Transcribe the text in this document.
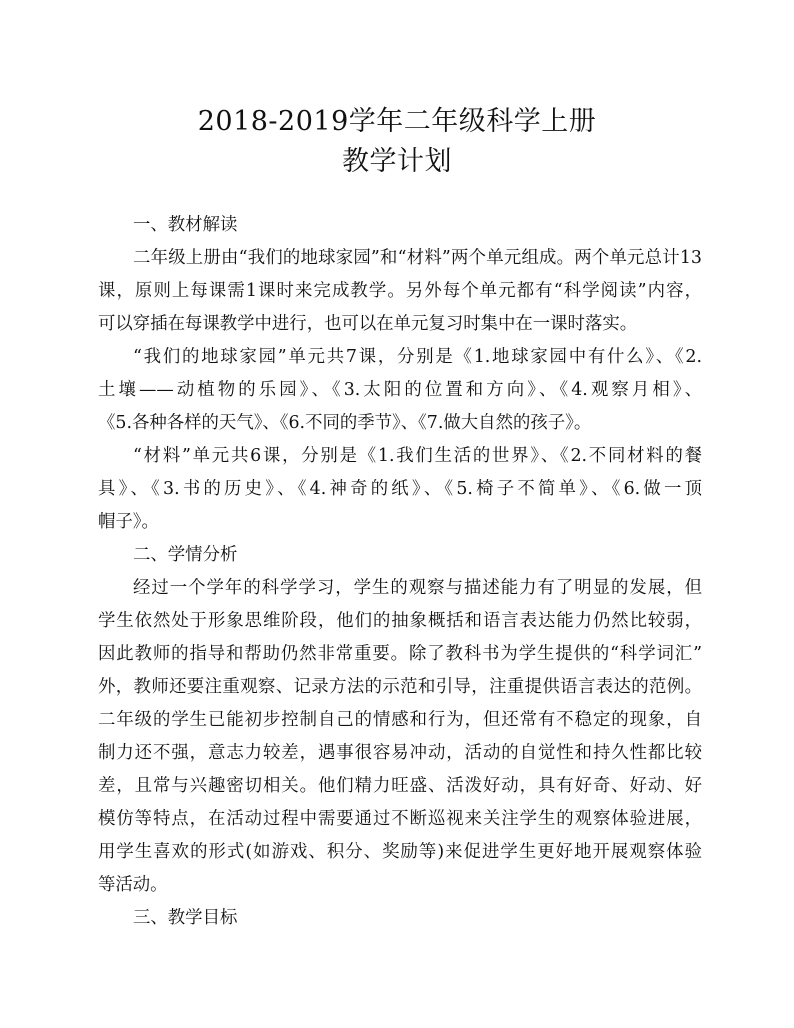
2018-2019学年二年级科学上册
教学计划
一、教材解读
二年级上册由“我们的地球家园”和“材料”两个单元组成。两个单元总计13
课，原则上每课需1课时来完成教学。另外每个单元都有“科学阅读”内容，
可以穿插在每课教学中进行，也可以在单元复习时集中在一课时落实。
“我们的地球家园”单元共7课，分别是《1.地球家园中有什么》、《2.
土壤——动植物的乐园》、《3.太阳的位置和方向》、《4.观察月相》、
《5.各种各样的天气》、《6.不同的季节》、《7.做大自然的孩子》。
“材料”单元共6课，分别是《1.我们生活的世界》、《2.不同材料的餐
具》、《3.书的历史》、《4.神奇的纸》、《5.椅子不简单》、《6.做一顶
帽子》。
二、学情分析
经过一个学年的科学学习，学生的观察与描述能力有了明显的发展，但
学生依然处于形象思维阶段，他们的抽象概括和语言表达能力仍然比较弱，
因此教师的指导和帮助仍然非常重要。除了教科书为学生提供的“科学词汇”
外，教师还要注重观察、记录方法的示范和引导，注重提供语言表达的范例。
二年级的学生已能初步控制自己的情感和行为，但还常有不稳定的现象，自
制力还不强，意志力较差，遇事很容易冲动，活动的自觉性和持久性都比较
差，且常与兴趣密切相关。他们精力旺盛、活泼好动，具有好奇、好动、好
模仿等特点，在活动过程中需要通过不断巡视来关注学生的观察体验进展，
用学生喜欢的形式(如游戏、积分、奖励等)来促进学生更好地开展观察体验
等活动。
三、教学目标
